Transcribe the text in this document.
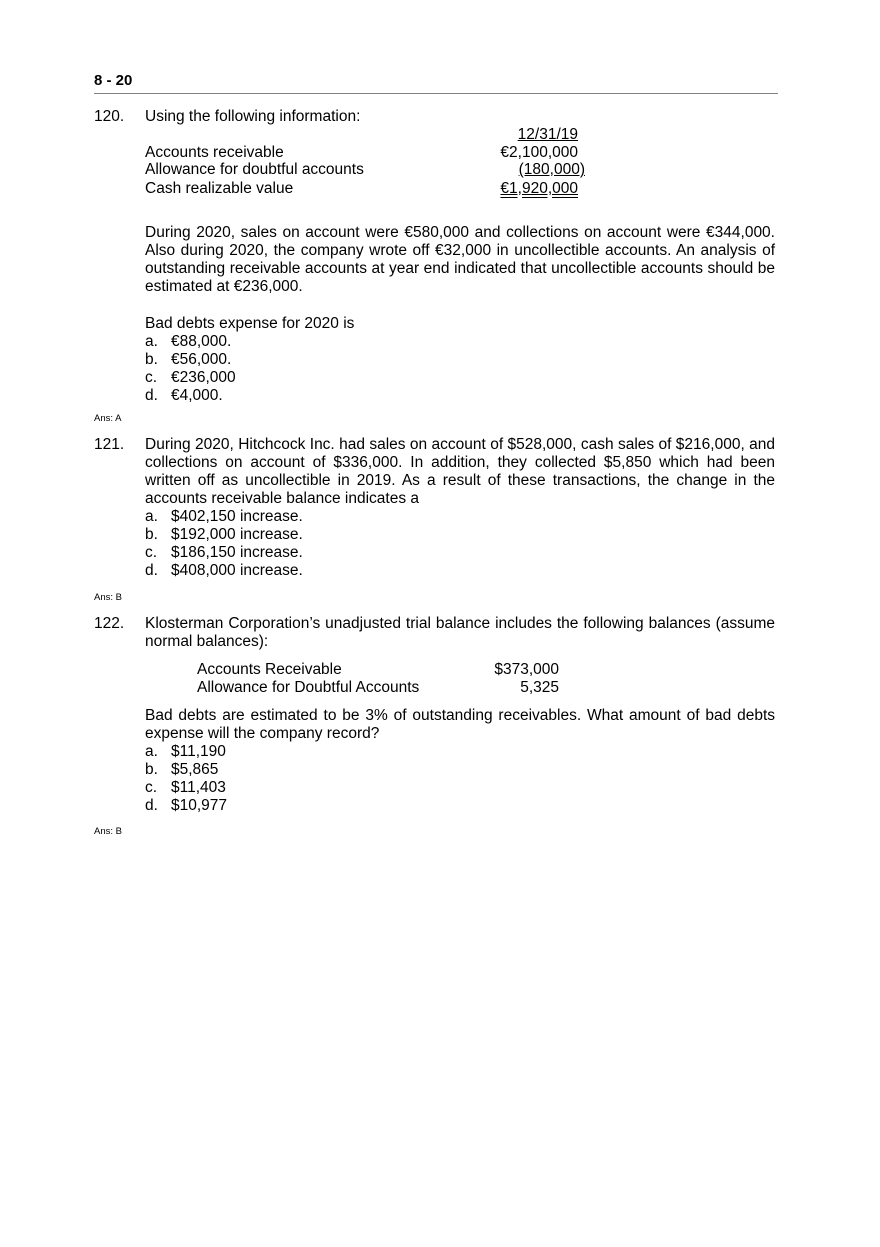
8 - 20
120. Using the following information:
12/31/19
Accounts receivable	€2,100,000
Allowance for doubtful accounts	(180,000)
Cash realizable value	€1,920,000
During 2020, sales on account were €580,000 and collections on account were €344,000. Also during 2020, the company wrote off €32,000 in uncollectible accounts. An analysis of outstanding receivable accounts at year end indicated that uncollectible accounts should be estimated at €236,000.
Bad debts expense for 2020 is
a. €88,000.
b. €56,000.
c. €236,000
d. €4,000.
Ans: A
121. During 2020, Hitchcock Inc. had sales on account of $528,000, cash sales of $216,000, and collections on account of $336,000. In addition, they collected $5,850 which had been written off as uncollectible in 2019. As a result of these transactions, the change in the accounts receivable balance indicates a
a. $402,150 increase.
b. $192,000 increase.
c. $186,150 increase.
d. $408,000 increase.
Ans: B
122. Klosterman Corporation’s unadjusted trial balance includes the following balances (assume normal balances):
Accounts Receivable	$373,000
Allowance for Doubtful Accounts	5,325
Bad debts are estimated to be 3% of outstanding receivables. What amount of bad debts expense will the company record?
a. $11,190
b. $5,865
c. $11,403
d. $10,977
Ans: B
